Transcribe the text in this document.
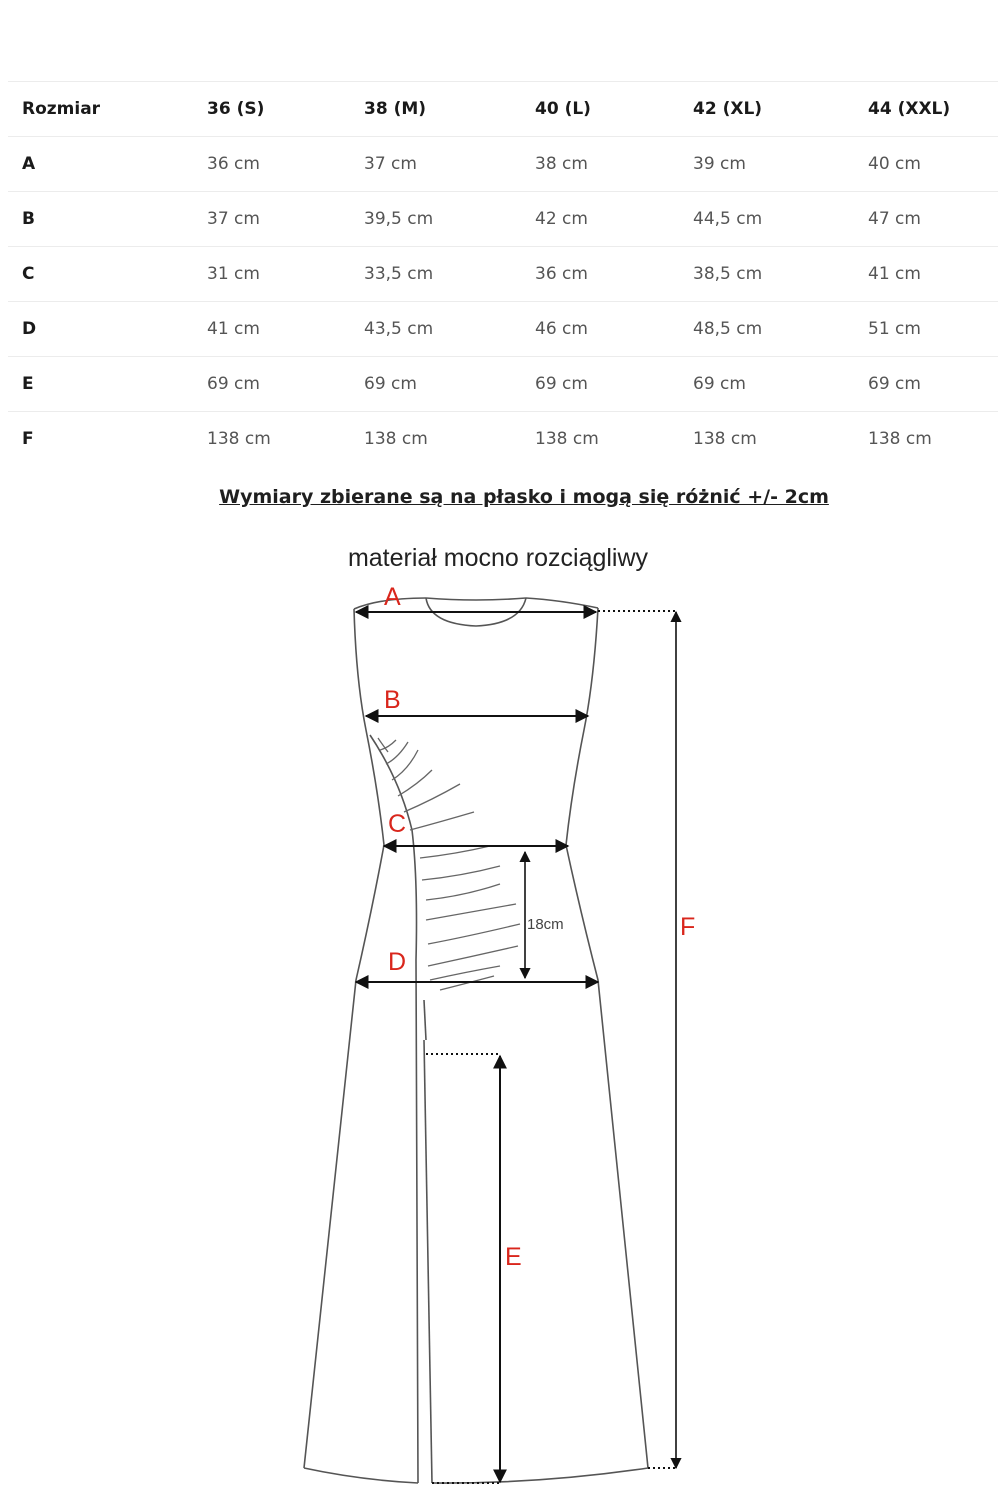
Rozmiar	36 (S)	38 (M)	40 (L)	42 (XL)	44 (XXL)
A	36 cm	37 cm	38 cm	39 cm	40 cm
B	37 cm	39,5 cm	42 cm	44,5 cm	47 cm
C	31 cm	33,5 cm	36 cm	38,5 cm	41 cm
D	41 cm	43,5 cm	46 cm	48,5 cm	51 cm
E	69 cm	69 cm	69 cm	69 cm	69 cm
F	138 cm	138 cm	138 cm	138 cm	138 cm

Wymiary zbierane są na płasko i mogą się różnić +/- 2cm

materiał mocno rozciągliwy
A
B
C
D
E
F
18cm
